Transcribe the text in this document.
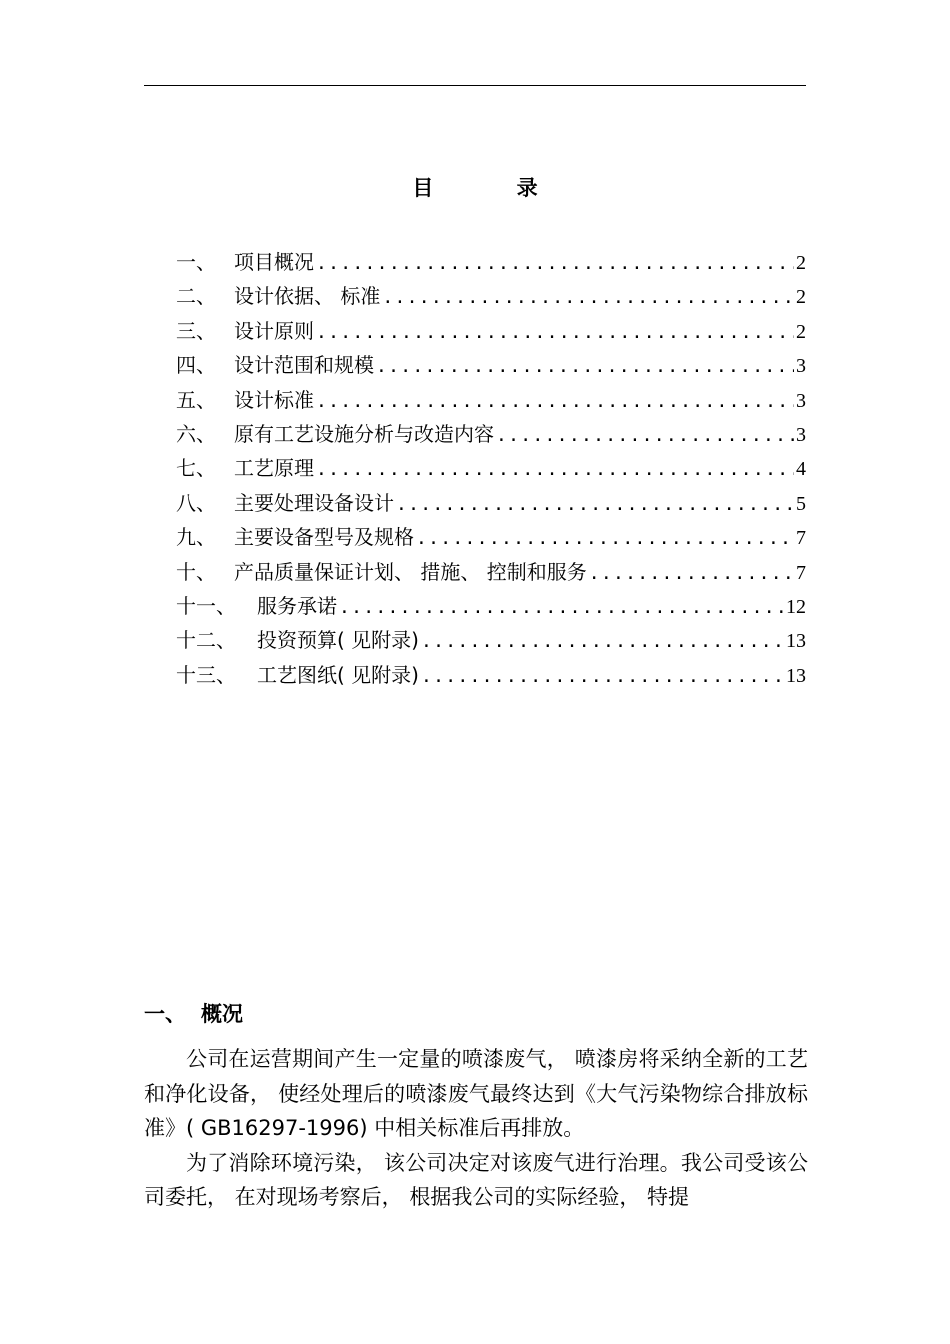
目 录
一、 项目概况 .....	2
二、 设计依据、 标准 .....	2
三、 设计原则 .....	2
四、 设计范围和规模 .....	3
五、 设计标准 .....	3
六、 原有工艺设施分析与改造内容 .....	3
七、 工艺原理 .....	4
八、 主要处理设备设计 .....	5
九、 主要设备型号及规格 .....	7
十、 产品质量保证计划、 措施、 控制和服务 .....	7
十一、	服务承诺 .....	12
十二、	投资预算( 见附录) .....	13
十三、	工艺图纸( 见附录) .....	13
一、 概况

公司在运营期间产生一定量的喷漆废气， 喷漆房将采纳全新的工艺和净化设备， 使经处理后的喷漆废气最终达到《大气污染物综合排放标准》( GB16297-1996) 中相关标准后再排放。

为了消除环境污染， 该公司决定对该废气进行治理。我公司受该公司委托， 在对现场考察后， 根据我公司的实际经验， 特提
